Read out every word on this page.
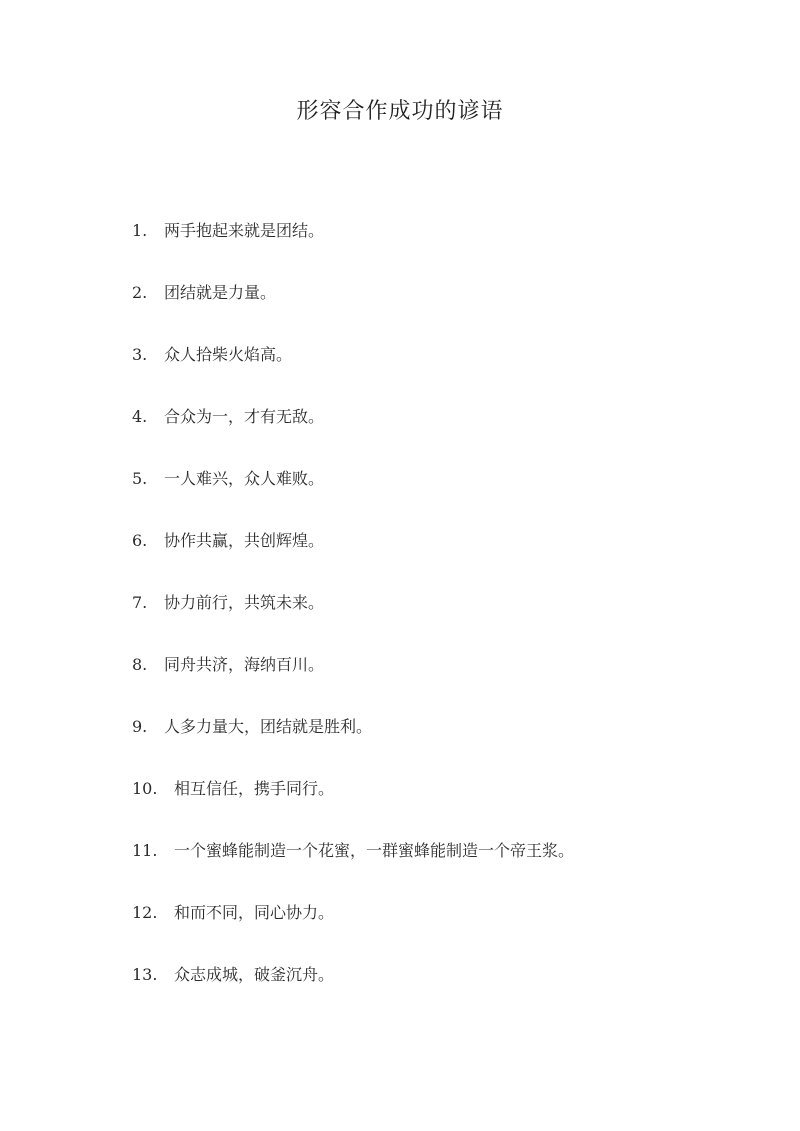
形容合作成功的谚语
1. 两手抱起来就是团结。
2. 团结就是力量。
3. 众人拾柴火焰高。
4. 合众为一，才有无敌。
5. 一人难兴，众人难败。
6. 协作共赢，共创辉煌。
7. 协力前行，共筑未来。
8. 同舟共济，海纳百川。
9. 人多力量大，团结就是胜利。
10. 相互信任，携手同行。
11. 一个蜜蜂能制造一个花蜜，一群蜜蜂能制造一个帝王浆。
12. 和而不同，同心协力。
13. 众志成城，破釜沉舟。
